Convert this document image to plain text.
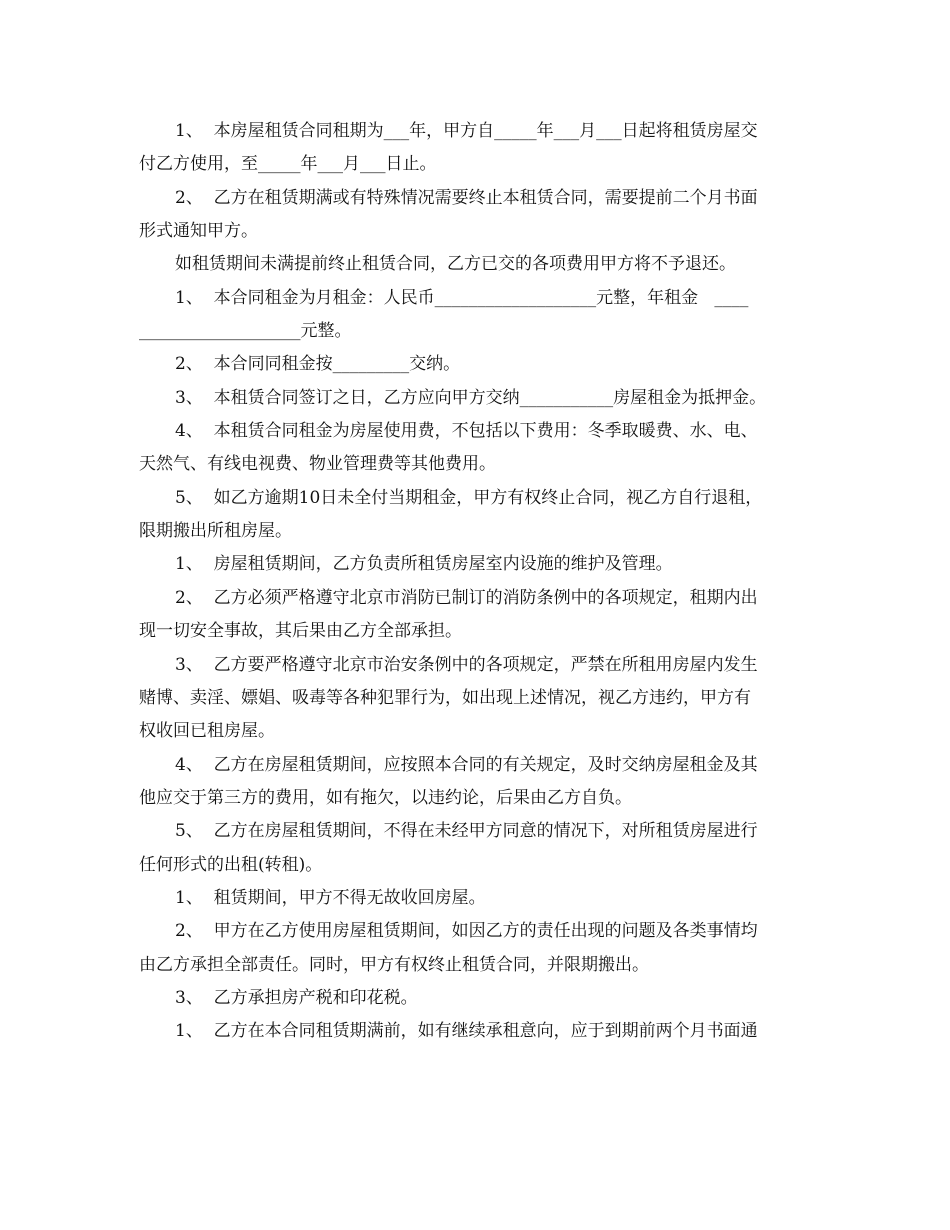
1、  本房屋租赁合同租期为___年，甲方自_____年___月___日起将租赁房屋交
付乙方使用，至_____年___月___日止。
2、  乙方在租赁期满或有特殊情况需要终止本租赁合同，需要提前二个月书面
形式通知甲方。
如租赁期间未满提前终止租赁合同，乙方已交的各项费用甲方将不予退还。
1、  本合同租金为月租金：人民币___________________元整，年租金   ____
___________________元整。
2、  本合同同租金按_________交纳。
3、  本租赁合同签订之日，乙方应向甲方交纳___________房屋租金为抵押金。
4、  本租赁合同租金为房屋使用费，不包括以下费用：冬季取暖费、水、电、
天然气、有线电视费、物业管理费等其他费用。
5、  如乙方逾期10日未全付当期租金，甲方有权终止合同，视乙方自行退租，
限期搬出所租房屋。
1、  房屋租赁期间，乙方负责所租赁房屋室内设施的维护及管理。
2、  乙方必须严格遵守北京市消防已制订的消防条例中的各项规定，租期内出
现一切安全事故，其后果由乙方全部承担。
3、  乙方要严格遵守北京市治安条例中的各项规定，严禁在所租用房屋内发生
赌博、卖淫、嫖娼、吸毒等各种犯罪行为，如出现上述情况，视乙方违约，甲方有
权收回已租房屋。
4、  乙方在房屋租赁期间，应按照本合同的有关规定，及时交纳房屋租金及其
他应交于第三方的费用，如有拖欠，以违约论，后果由乙方自负。
5、  乙方在房屋租赁期间，不得在未经甲方同意的情况下，对所租赁房屋进行
任何形式的出租(转租)。
1、  租赁期间，甲方不得无故收回房屋。
2、  甲方在乙方使用房屋租赁期间，如因乙方的责任出现的问题及各类事情均
由乙方承担全部责任。同时，甲方有权终止租赁合同，并限期搬出。
3、  乙方承担房产税和印花税。
1、  乙方在本合同租赁期满前，如有继续承租意向，应于到期前两个月书面通
